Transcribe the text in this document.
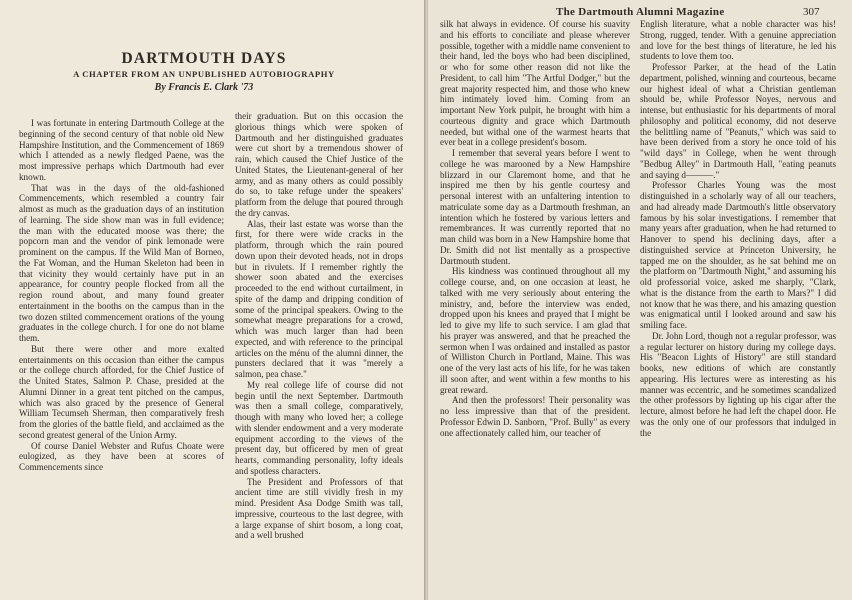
DARTMOUTH DAYS
A CHAPTER FROM AN UNPUBLISHED AUTOBIOGRAPHY
By Francis E. Clark '73

I was fortunate in entering Dartmouth College at the beginning of the second century of that noble old New Hampshire Institution, and the Commencement of 1869 which I attended as a newly fledged Paene, was the most impressive perhaps which Dartmouth had ever known.

That was in the days of the old-fashioned Commencements, which resembled a country fair almost as much as the graduation days of an institution of learning. The side show man was in full evidence; the man with the educated moose was there; the popcorn man and the vendor of pink lemonade were prominent on the campus. If the Wild Man of Borneo, the Fat Woman, and the Human Skeleton had been in that vicinity they would certainly have put in an appearance, for country people flocked from all the region round about, and many found greater entertainment in the booths on the campus than in the two dozen stilted commencement orations of the young graduates in the college church. I for one do not blame them.

But there were other and more exalted entertainments on this occasion than either the campus or the college church afforded, for the Chief Justice of the United States, Salmon P. Chase, presided at the Alumni Dinner in a great tent pitched on the campus, which was also graced by the presence of General William Tecumseh Sherman, then comparatively fresh from the glories of the battle field, and acclaimed as the second greatest general of the Union Army.

Of course Daniel Webster and Rufus Choate were eulogized, as they have been at scores of Commencements since

their graduation. But on this occasion the glorious things which were spoken of Dartmouth and her distinguished graduates were cut short by a tremendous shower of rain, which caused the Chief Justice of the United States, the Lieutenant-general of her army, and as many others as could possibly do so, to take refuge under the speakers' platform from the deluge that poured through the dry canvas.

Alas, their last estate was worse than the first, for there were wide cracks in the platform, through which the rain poured down upon their devoted heads, not in drops but in rivulets. If I remember rightly the shower soon abated and the exercises proceeded to the end without curtailment, in spite of the damp and dripping condition of some of the principal speakers. Owing to the somewhat meagre preparations for a crowd, which was much larger than had been expected, and with reference to the principal articles on the ménu of the alumni dinner, the punsters declared that it was "merely a salmon, pea chase."

My real college life of course did not begin until the next September. Dartmouth was then a small college, comparatively, though with many who loved her; a college with slender endowment and a very moderate equipment according to the views of the present day, but officered by men of great hearts, commanding personality, lofty ideals and spotless characters.

The President and Professors of that ancient time are still vividly fresh in my mind. President Asa Dodge Smith was tall, impressive, courteous to the last degree, with a large expanse of shirt bosom, a long coat, and a well brushed

The Dartmouth Alumni Magazine	307

silk hat always in evidence. Of course his suavity and his efforts to conciliate and please wherever possible, together with a middle name convenient to their hand, led the boys who had been disciplined, or who for some other reason did not like the President, to call him "The Artful Dodger," but the great majority respected him, and those who knew him intimately loved him. Coming from an important New York pulpit, he brought with him a courteous dignity and grace which Dartmouth needed, but withal one of the warmest hearts that ever beat in a college president's bosom.

I remember that several years before I went to college he was marooned by a New Hampshire blizzard in our Claremont home, and that he inspired me then by his gentle courtesy and personal interest with an unfaltering intention to matriculate some day as a Dartmouth freshman, an intention which he fostered by various letters and remembrances. It was currently reported that no man child was born in a New Hampshire home that Dr. Smith did not list mentally as a prospective Dartmouth student.

His kindness was continued throughout all my college course, and, on one occasion at least, he talked with me very seriously about entering the ministry, and, before the interview was ended, dropped upon his knees and prayed that I might be led to give my life to such service. I am glad that his prayer was answered, and that he preached the sermon when I was ordained and installed as pastor of Williston Church in Portland, Maine. This was one of the very last acts of his life, for he was taken ill soon after, and went within a few months to his great reward.

And then the professors! Their personality was no less impressive than that of the president. Professor Edwin D. Sanborn, "Prof. Bully" as every one affectionately called him, our teacher of

English literature, what a noble character was his! Strong, rugged, tender. With a genuine appreciation and love for the best things of literature, he led his students to love them too.

Professor Parker, at the head of the Latin department, polished, winning and courteous, became our highest ideal of what a Christian gentleman should be, while Professor Noyes, nervous and intense, but enthusiastic for his departments of moral philosophy and political economy, did not deserve the belittling name of "Peanuts," which was said to have been derived from a story he once told of his "wild days" in College, when he went through "Bedbug Alley" in Dartmouth Hall, "eating peanuts and saying d———."

Professor Charles Young was the most distinguished in a scholarly way of all our teachers, and had already made Dartmouth's little observatory famous by his solar investigations. I remember that many years after graduation, when he had returned to Hanover to spend his declining days, after a distinguished service at Princeton University, he tapped me on the shoulder, as he sat behind me on the platform on "Dartmouth Night," and assuming his old professorial voice, asked me sharply, "Clark, what is the distance from the earth to Mars?" I did not know that he was there, and his amazing question was enigmatical until I looked around and saw his smiling face.

Dr. John Lord, though not a regular professor, was a regular lecturer on history during my college days. His "Beacon Lights of History" are still standard books, new editions of which are constantly appearing. His lectures were as interesting as his manner was eccentric, and he sometimes scandalized the other professors by lighting up his cigar after the lecture, almost before he had left the chapel door. He was the only one of our professors that indulged in the
